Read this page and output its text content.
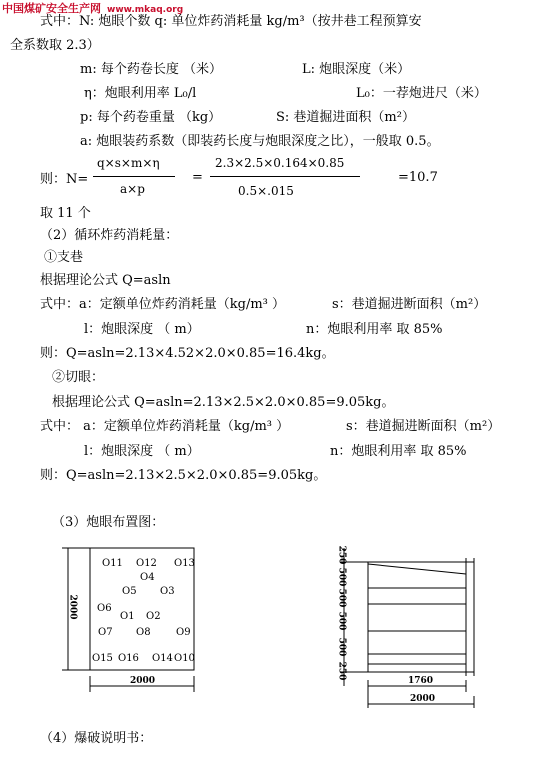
中国煤矿安全生产网 www.mkaq.org
式中：N: 炮眼个数 q: 单位炸药消耗量 kg/m³（按井巷工程预算安
全系数取 2.3）
m: 每个药卷长度 （米）	L: 炮眼深度（米）
η：炮眼利用率 L₀/l	L₀：一荐炮进尺（米）
p: 每个药卷重量 （kg）	S: 巷道掘进面积（m²）
a: 炮眼装药系数（即装药长度与炮眼深度之比），一般取 0.5。
则：N=
q×s×m×η
a×p
=
2.3×2.5×0.164×0.85
0.5×.015
=10.7
取 11 个
（2）循环炸药消耗量：
①支巷
根据理论公式 Q=asln
式中：a：定额单位炸药消耗量（kg/m³ ）	s：巷道掘进断面积（m²）
l：炮眼深度 （ m）	n：炮眼利用率 取 85%
则：Q=asln=2.13×4.52×2.0×0.85=16.4kg。
②切眼：
根据理论公式 Q=asln=2.13×2.5×2.0×0.85=9.05kg。
式中： a：定额单位炸药消耗量（kg/m³ ）	s：巷道掘进断面积（m²）
l：炮眼深度 （ m）	n：炮眼利用率 取 85%
则：Q=asln=2.13×2.5×2.0×0.85=9.05kg。
（3）炮眼布置图：
（4）爆破说明书：
2000
2000
O11 O12 O13
O4
O5 O3
O6
O1 O2
O7 O8	O9
O15 O16 O14 O10
250
500
500
500
500
250
1760
2000
